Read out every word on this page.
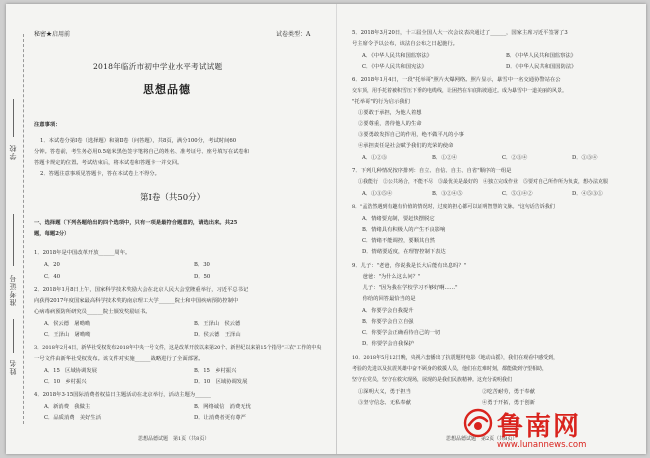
学校
准考证号
姓名
秘密★启用前	试卷类型：A
2018年临沂市初中学业水平考试试题
思想品德
注意事项：
1．本试卷分第Ⅰ卷（选择题）和第Ⅱ卷（问答题），共8页，满分100分，考试时间60
分钟。答卷前，考生务必用0.5毫米黑色签字笔将自己的姓名、准考证号、座号填写在试卷和
答题卡规定的位置。考试结束后，将本试卷和答题卡一并交回。
2．答题注意事项见答题卡，答在本试卷上不得分。
第Ⅰ卷（共50分）
一、选择题（下列各题给出的四个选项中，只有一项是最符合题意的，请选出来。共25
题，每题2分）
1．2018年是中国改革开放______周年。
A．20	B．30
C．40	D．50
2．2018年1月8日上午，国家科学技术奖励大会在北京人民大会堂隆重举行，习近平总书记
向获得2017年度国家最高科学技术奖的南京理工大学______院士和中国疾病预防控制中
心病毒病预防所研究员______院士颁发奖励证书。
A．侯云德　屠呦呦	B．王泽山　侯云德
C．王泽山　屠呦呦	D．侯云德　王泽山
3．2018年2月4日，新华社受权发布2018年中央一号文件，这是改革开放以来第20个、新世纪以来第15个指导"三农"工作的中央
一号文件由新华社受权发布。该文件对实施______战略进行了全面部署。
A．15　区域协调发展	B．15　乡村振兴
C．10　乡村振兴	D．10　区域协调发展
4．2018年3·15国际消费者权益日主题活动在北京举行，活动主题为______
A．新消费　我做主	B．网络诚信　消费无忧
C．品质消费　美好生活	D．让消费者更有尊严
思想品德试题　第1页（共8页）
5．2018年3月20日，十三届全国人大一次会议表决通过了______，国家主席习近平签署了3
号主席令予以公布，该法自公布之日起施行。
A．《中华人民共和国监察法》	B．《中华人民共和国监察法》
C．《中华人民共和国宪法》	D．《中华人民共和国国防法》
6．2018年1月4日，一段"托举哥"照片火爆网络。照片显示，暴雪中一名交通协警站在公
交车顶，用手托着被积雪压下垂的电缆线，让困挡在车底陷坡通过。成为暴雪中一道美丽的风景。
"托举哥"的行为启示我们
①要敢于承担，为他人着想
②要尊重，善待他人的生命
③要勇敢发挥自己的作用，绝不做平凡的小事
④承担责任是社会赋予我们的光荣的使命
A．①②③	B．①②④	C．②③④	D．①③④
7．下列几种情况按序排列：自立、自信、自主、自省"顺序的一组是
①我能行　②公共场合，不能不尽　③最优美是最好的　④独立完成作业　⑤要对自己所作所为负责，想办法克服
A．①③⑤④	B．③②④⑤	C．⑤①④②	D．④⑤③①
8．"孟浩然遇到有趣有价值的情况时，过度的担心都可以证明智慧的文脉。"这句话告诉我们
A．情绪要克制，要赶快摆脱它
B．情绪具有积极人的产生不良影响
C．情绪不能调控，要顺其自然
D．情绪要适度，在理智控制下表达
9．儿子："老爸，你说我是长大后能有出息吗？"
　　爸爸："为什么这么问？"
　　儿子："因为我在学校学习不够好啊……"
　　你给的回答最恰当的是
A．你要学会自我提升
B．你要学会自立自强
C．你要学会正确看待自己的一切
D．你要学会自我保护
10．2018年5月12日晚，央视六套播出了抗震题材电影《地动山摇》，我们在观看中感受到，
考验的先进以及抗震英雄中奋不顾身的救援人员，他们在危难时刻，都能做到守望相助，
坚守在党员，坚守在救灾现场，展现的是我们民族精神。这充分说明我们
①深明大义，勇于担当	②吃苦耐劳，勇于奉献
③坚守信念、无私奉献	④勇于开拓，勇于创新
思想品德试题　第2页（共8页）
鲁南网
www.lunannews.com
